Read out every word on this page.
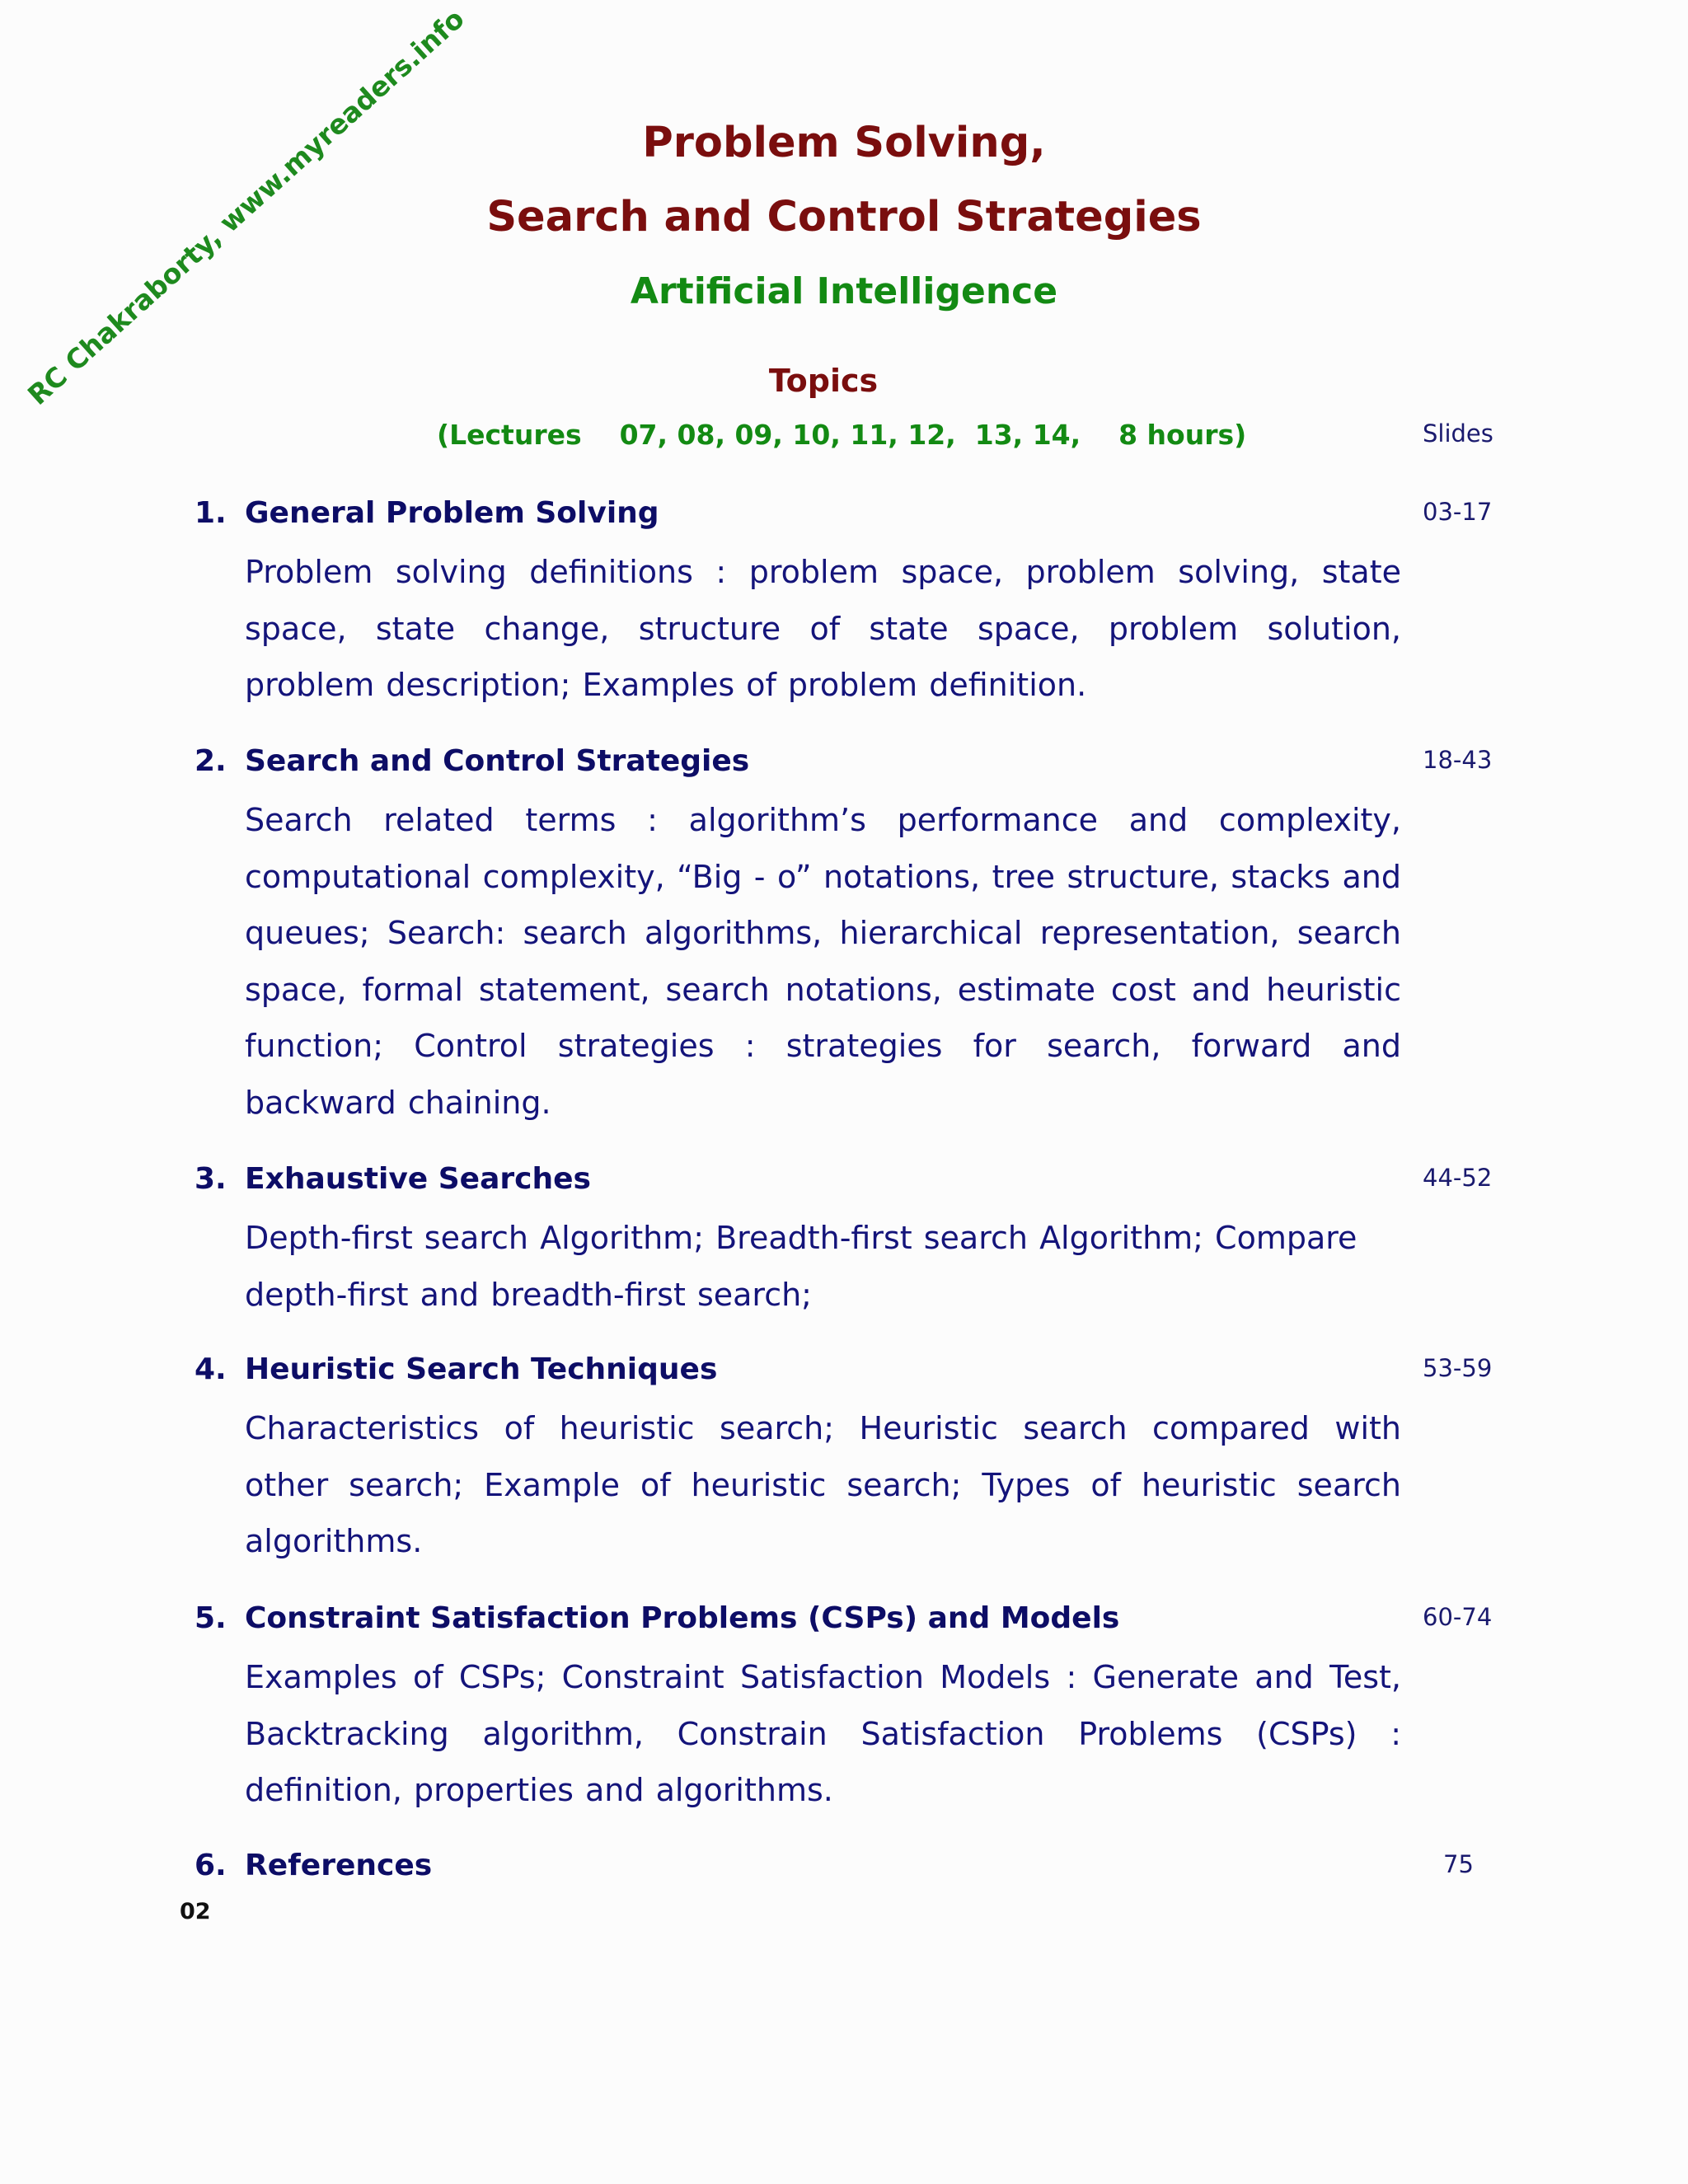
RC Chakraborty, www.myreaders.info	Problem Solving,
Search and Control Strategies
Artificial Intelligence
Topics
(Lectures    07, 08, 09, 10, 11, 12,  13, 14,    8 hours)	Slides
1. General Problem Solving	03-17
Problem solving definitions : problem space, problem solving, state space, state change, structure of state space, problem solution, problem description; Examples of problem definition.
2. Search and Control Strategies	18-43
Search related terms : algorithm’s performance and complexity, computational complexity, “Big - o” notations, tree structure, stacks and queues; Search: search algorithms, hierarchical representation, search space, formal statement, search notations, estimate cost and heuristic function; Control strategies : strategies for search, forward and backward chaining.
3. Exhaustive Searches	44-52
Depth-first search Algorithm; Breadth-first search Algorithm; Compare depth-first and breadth-first search;
4. Heuristic Search Techniques	53-59
Characteristics of heuristic search; Heuristic search compared with other search; Example of heuristic search; Types of heuristic search algorithms.
5. Constraint Satisfaction Problems (CSPs) and Models	60-74
Examples of CSPs; Constraint Satisfaction Models : Generate and Test, Backtracking algorithm, Constrain Satisfaction Problems (CSPs) : definition, properties and algorithms.
6. References	75
02
